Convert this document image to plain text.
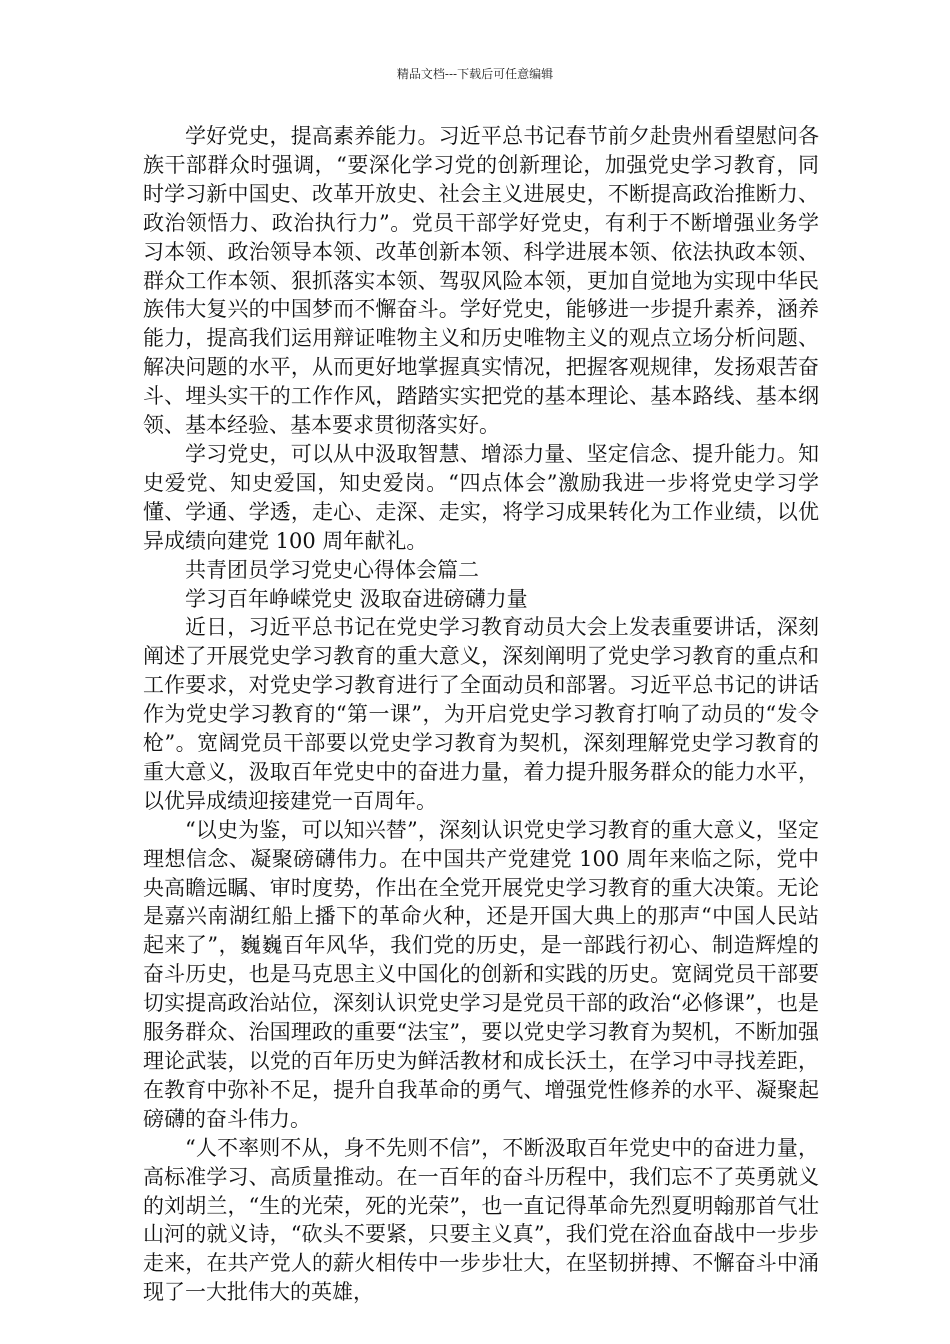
精品文档---下载后可任意编辑

学好党史，提高素养能力。习近平总书记春节前夕赴贵州看望慰问各族干部群众时强调，“要深化学习党的创新理论，加强党史学习教育，同时学习新中国史、改革开放史、社会主义进展史，不断提高政治推断力、政治领悟力、政治执行力”。党员干部学好党史，有利于不断增强业务学习本领、政治领导本领、改革创新本领、科学进展本领、依法执政本领、群众工作本领、狠抓落实本领、驾驭风险本领，更加自觉地为实现中华民族伟大复兴的中国梦而不懈奋斗。学好党史，能够进一步提升素养，涵养能力，提高我们运用辩证唯物主义和历史唯物主义的观点立场分析问题、解决问题的水平，从而更好地掌握真实情况，把握客观规律，发扬艰苦奋斗、埋头实干的工作作风，踏踏实实把党的基本理论、基本路线、基本纲领、基本经验、基本要求贯彻落实好。

学习党史，可以从中汲取智慧、增添力量、坚定信念、提升能力。知史爱党、知史爱国，知史爱岗。“四点体会”激励我进一步将党史学习学懂、学通、学透，走心、走深、走实，将学习成果转化为工作业绩，以优异成绩向建党 100 周年献礼。

共青团员学习党史心得体会篇二

学习百年峥嵘党史 汲取奋进磅礴力量

近日，习近平总书记在党史学习教育动员大会上发表重要讲话，深刻阐述了开展党史学习教育的重大意义，深刻阐明了党史学习教育的重点和工作要求，对党史学习教育进行了全面动员和部署。习近平总书记的讲话作为党史学习教育的“第一课”，为开启党史学习教育打响了动员的“发令枪”。宽阔党员干部要以党史学习教育为契机，深刻理解党史学习教育的重大意义，汲取百年党史中的奋进力量，着力提升服务群众的能力水平，以优异成绩迎接建党一百周年。

“以史为鉴，可以知兴替”，深刻认识党史学习教育的重大意义，坚定理想信念、凝聚磅礴伟力。在中国共产党建党 100 周年来临之际，党中央高瞻远瞩、审时度势，作出在全党开展党史学习教育的重大决策。无论是嘉兴南湖红船上播下的革命火种，还是开国大典上的那声“中国人民站起来了”，巍巍百年风华，我们党的历史，是一部践行初心、制造辉煌的奋斗历史，也是马克思主义中国化的创新和实践的历史。宽阔党员干部要切实提高政治站位，深刻认识党史学习是党员干部的政治“必修课”，也是服务群众、治国理政的重要“法宝”，要以党史学习教育为契机，不断加强理论武装，以党的百年历史为鲜活教材和成长沃土，在学习中寻找差距，在教育中弥补不足，提升自我革命的勇气、增强党性修养的水平、凝聚起磅礴的奋斗伟力。

“人不率则不从，身不先则不信”，不断汲取百年党史中的奋进力量，高标准学习、高质量推动。在一百年的奋斗历程中，我们忘不了英勇就义的刘胡兰，“生的光荣，死的光荣”，也一直记得革命先烈夏明翰那首气壮山河的就义诗，“砍头不要紧，只要主义真”，我们党在浴血奋战中一步步走来，在共产党人的薪火相传中一步步壮大，在坚韧拼搏、不懈奋斗中涌现了一大批伟大的英雄，
